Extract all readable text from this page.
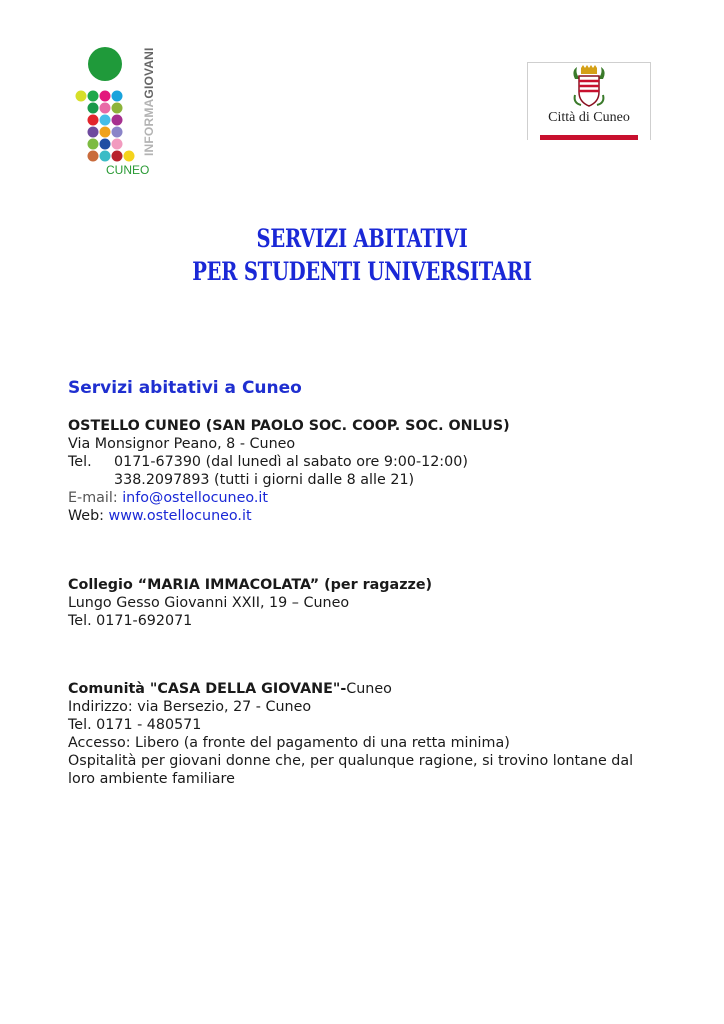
INFORMAGIOVANI
CUNEO
Città di Cuneo
SERVIZI ABITATIVI
PER STUDENTI UNIVERSITARI
Servizi abitativi a Cuneo
OSTELLO CUNEO (SAN PAOLO SOC. COOP. SOC. ONLUS)
Via Monsignor Peano, 8 - Cuneo
Tel. 0171-67390 (dal lunedì al sabato ore 9:00-12:00)
338.2097893 (tutti i giorni dalle 8 alle 21)
E-mail: info@ostellocuneo.it
Web: www.ostellocuneo.it
Collegio “MARIA IMMACOLATA” (per ragazze)
Lungo Gesso Giovanni XXII, 19 – Cuneo
Tel. 0171-692071
Comunità "CASA DELLA GIOVANE"-Cuneo
Indirizzo: via Bersezio, 27 - Cuneo
Tel. 0171 - 480571
Accesso: Libero (a fronte del pagamento di una retta minima)
Ospitalità per giovani donne che, per qualunque ragione, si trovino lontane dal
loro ambiente familiare
